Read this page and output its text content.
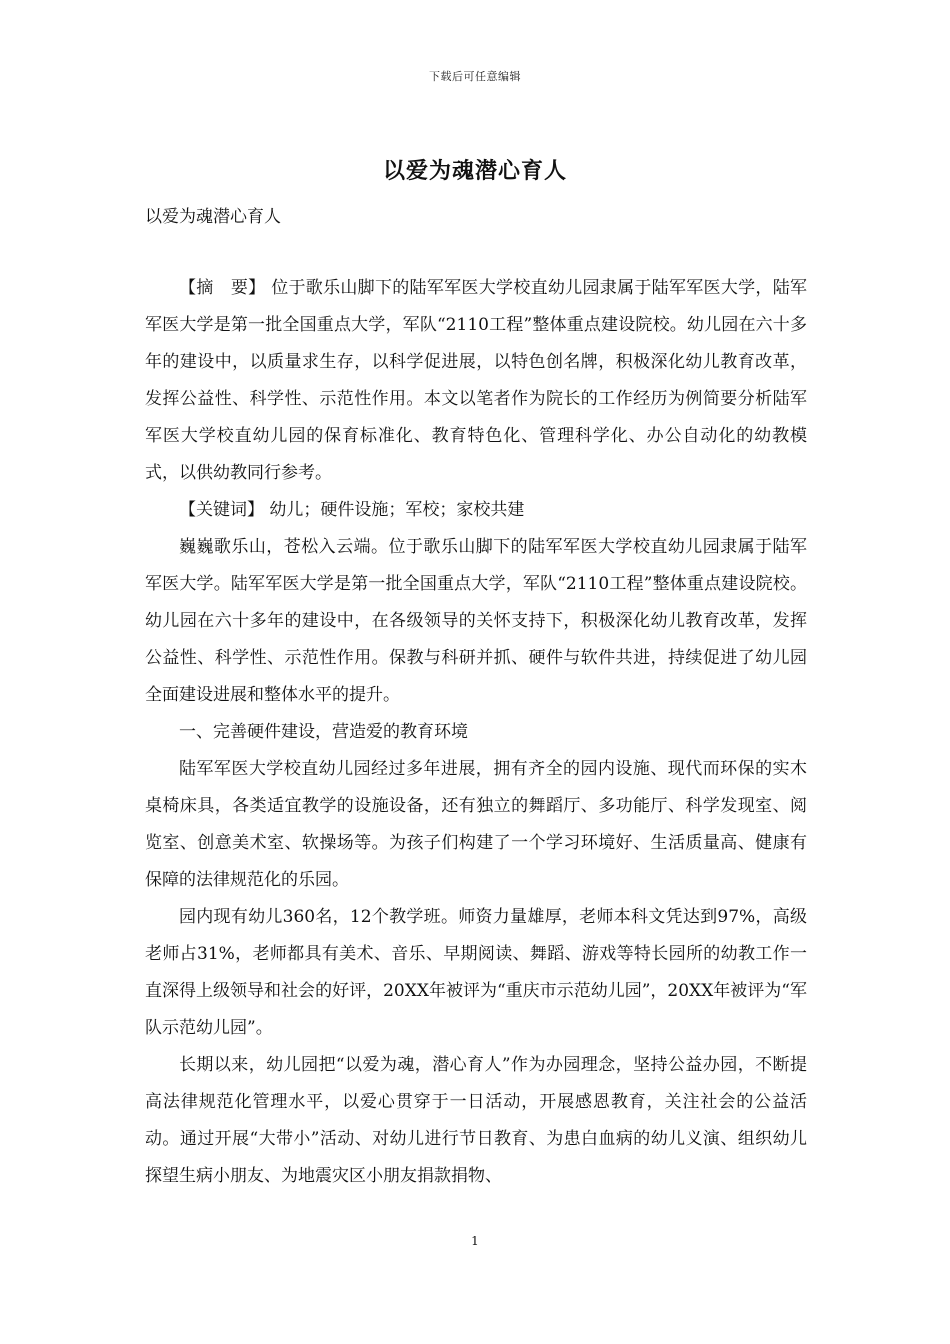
下载后可任意编辑
以爱为魂潜心育人
以爱为魂潜心育人

【摘　要】 位于歌乐山脚下的陆军军医大学校直幼儿园隶属于陆军军医大学，陆军军医大学是第一批全国重点大学，军队“2110工程”整体重点建设院校。幼儿园在六十多年的建设中，以质量求生存，以科学促进展，以特色创名牌，积极深化幼儿教育改革，发挥公益性、科学性、示范性作用。本文以笔者作为院长的工作经历为例简要分析陆军军医大学校直幼儿园的保育标准化、教育特色化、管理科学化、办公自动化的幼教模式，以供幼教同行参考。

【关键词】 幼儿；硬件设施；军校；家校共建

巍巍歌乐山，苍松入云端。位于歌乐山脚下的陆军军医大学校直幼儿园隶属于陆军军医大学。陆军军医大学是第一批全国重点大学，军队“2110工程”整体重点建设院校。幼儿园在六十多年的建设中，在各级领导的关怀支持下，积极深化幼儿教育改革，发挥公益性、科学性、示范性作用。保教与科研并抓、硬件与软件共进，持续促进了幼儿园全面建设进展和整体水平的提升。

一、完善硬件建设，营造爱的教育环境

陆军军医大学校直幼儿园经过多年进展，拥有齐全的园内设施、现代而环保的实木桌椅床具，各类适宜教学的设施设备，还有独立的舞蹈厅、多功能厅、科学发现室、阅览室、创意美术室、软操场等。为孩子们构建了一个学习环境好、生活质量高、健康有保障的法律规范化的乐园。

园内现有幼儿360名，12个教学班。师资力量雄厚，老师本科文凭达到97%，高级老师占31%，老师都具有美术、音乐、早期阅读、舞蹈、游戏等特长园所的幼教工作一直深得上级领导和社会的好评，20XX年被评为“重庆市示范幼儿园”，20XX年被评为“军队示范幼儿园”。

长期以来，幼儿园把“以爱为魂，潜心育人”作为办园理念，坚持公益办园，不断提高法律规范化管理水平，以爱心贯穿于一日活动，开展感恩教育，关注社会的公益活动。通过开展“大带小”活动、对幼儿进行节日教育、为患白血病的幼儿义演、组织幼儿探望生病小朋友、为地震灾区小朋友捐款捐物、

1
